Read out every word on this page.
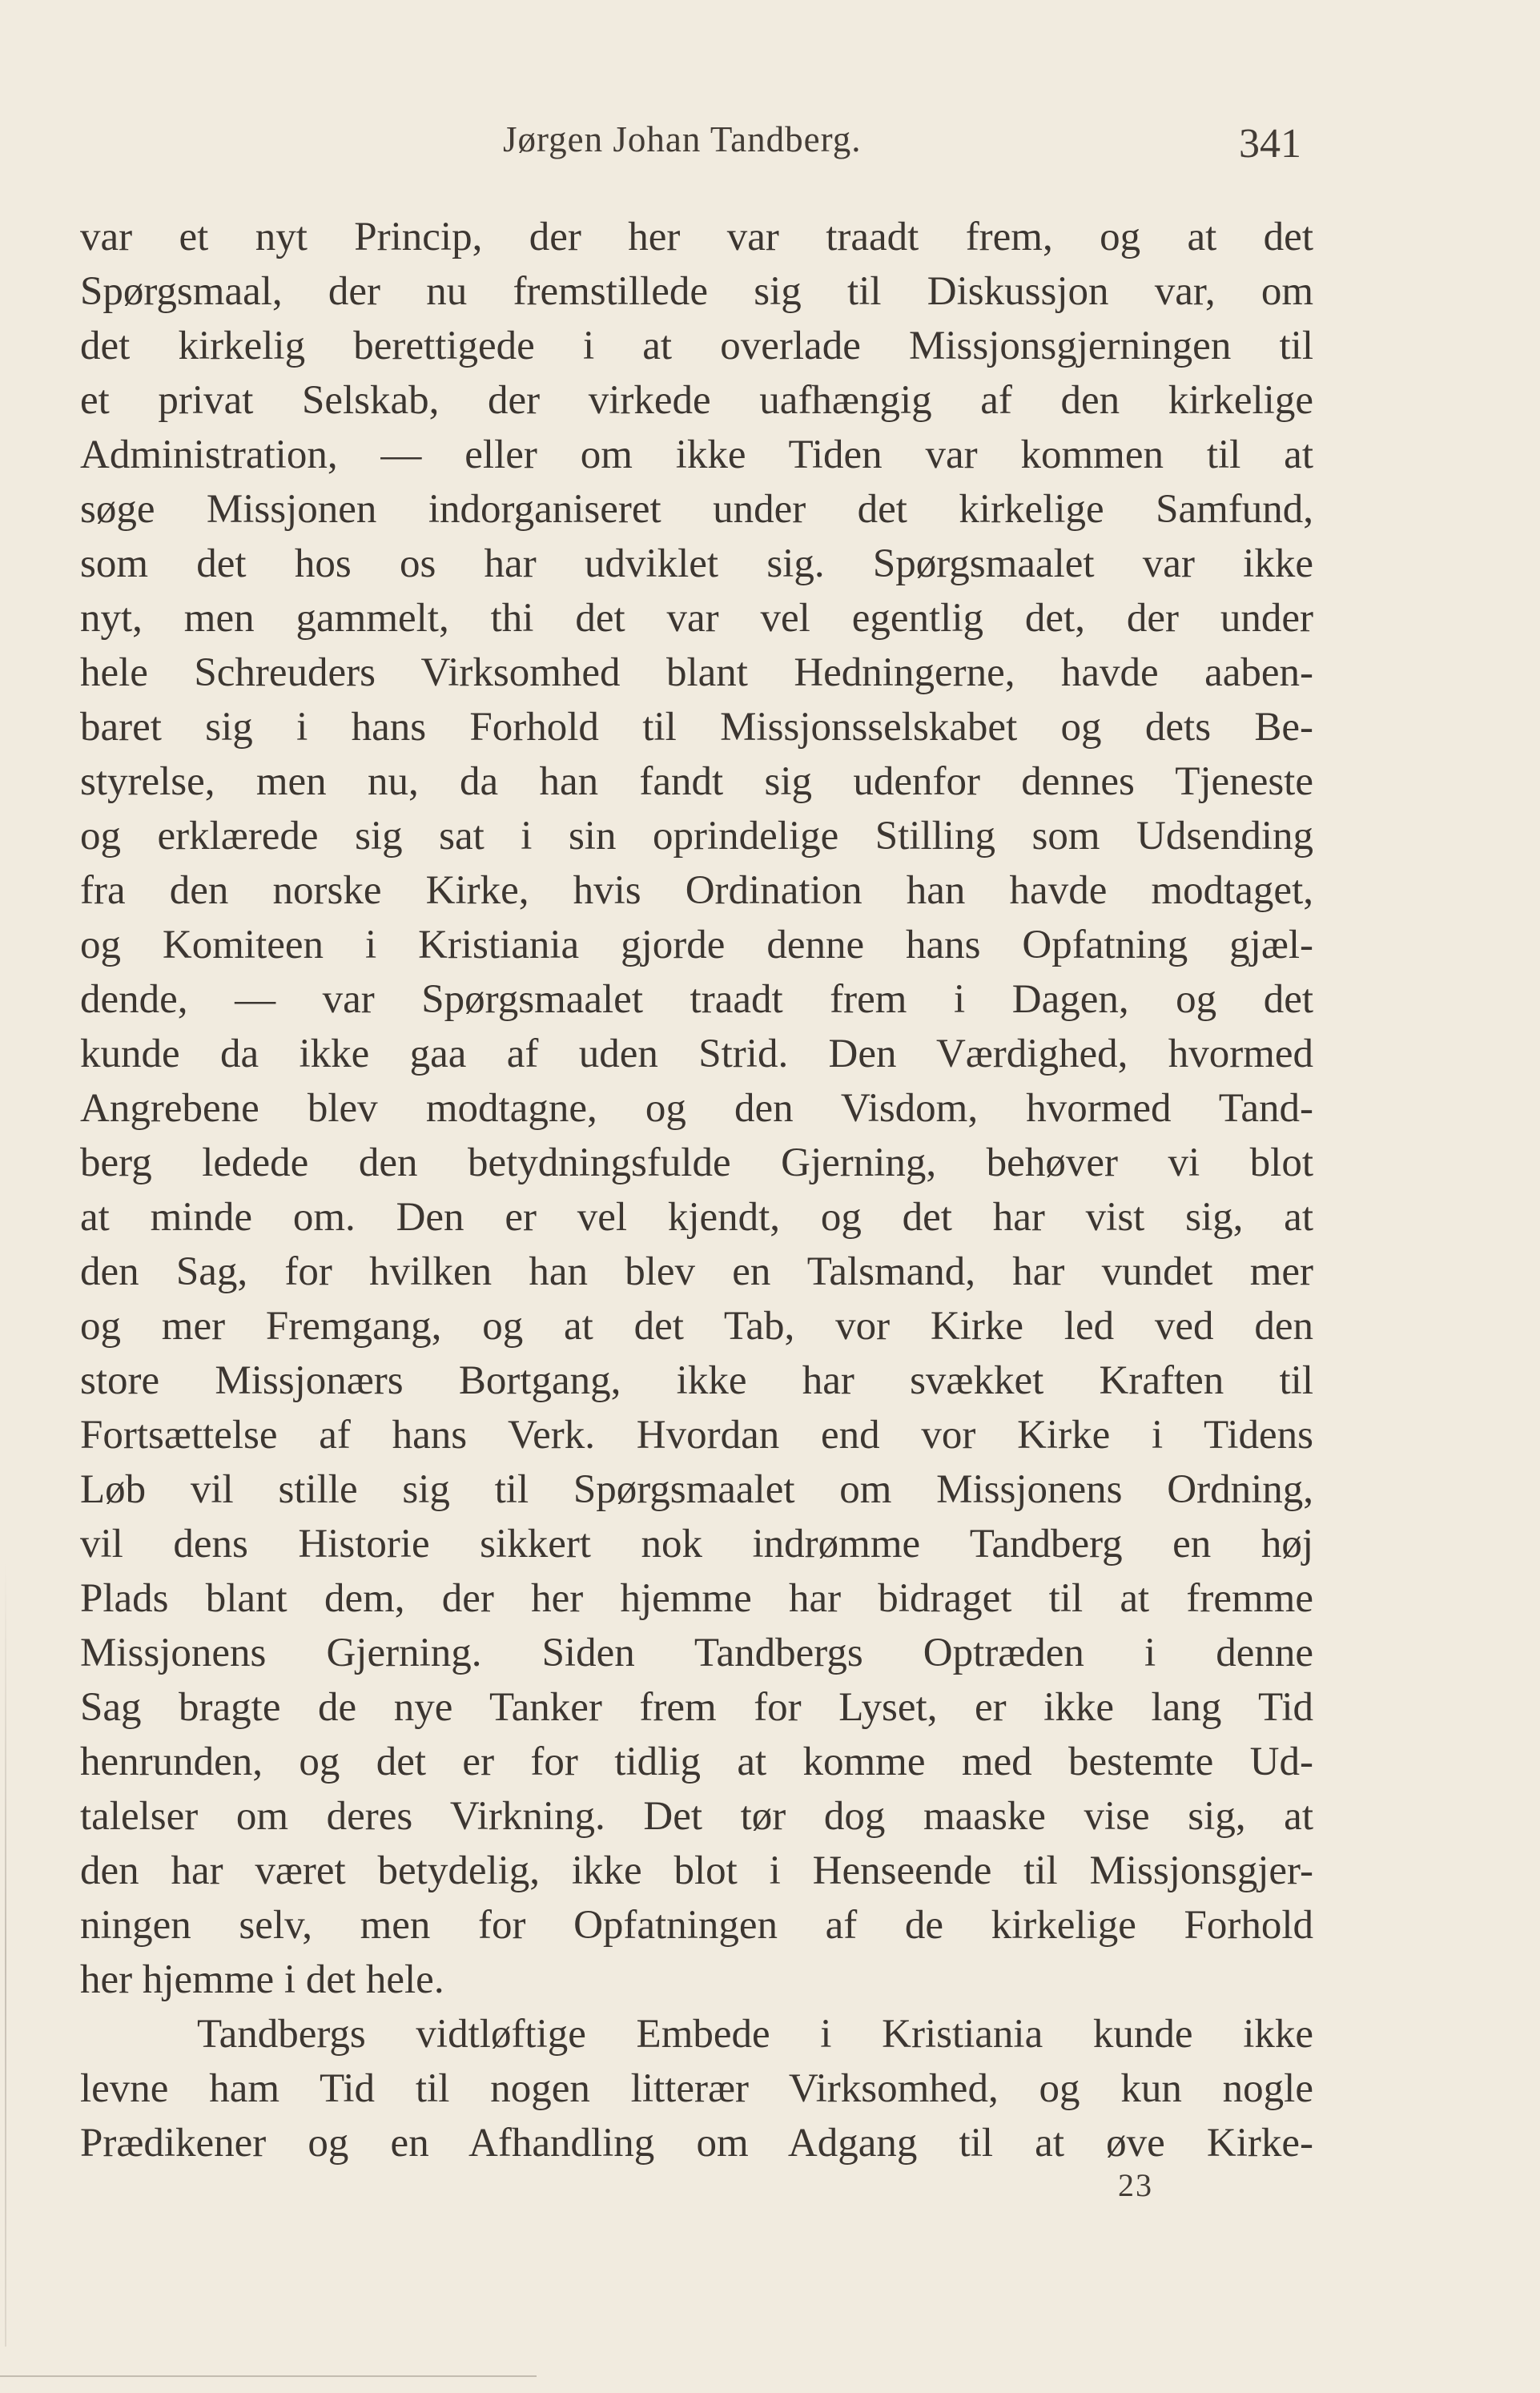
Jørgen Johan Tandberg.	341
var et nyt Princip, der her var traadt frem, og at det
Spørgsmaal, der nu fremstillede sig til Diskussjon var, om
det kirkelig berettigede i at overlade Missjonsgjerningen til
et privat Selskab, der virkede uafhængig af den kirkelige
Administration, — eller om ikke Tiden var kommen til at
søge Missjonen indorganiseret under det kirkelige Samfund,
som det hos os har udviklet sig. Spørgsmaalet var ikke
nyt, men gammelt, thi det var vel egentlig det, der under
hele Schreuders Virksomhed blant Hedningerne, havde aaben-
baret sig i hans Forhold til Missjonsselskabet og dets Be-
styrelse, men nu, da han fandt sig udenfor dennes Tjeneste
og erklærede sig sat i sin oprindelige Stilling som Udsending
fra den norske Kirke, hvis Ordination han havde modtaget,
og Komiteen i Kristiania gjorde denne hans Opfatning gjæl-
dende, — var Spørgsmaalet traadt frem i Dagen, og det
kunde da ikke gaa af uden Strid. Den Værdighed, hvormed
Angrebene blev modtagne, og den Visdom, hvormed Tand-
berg ledede den betydningsfulde Gjerning, behøver vi blot
at minde om. Den er vel kjendt, og det har vist sig, at
den Sag, for hvilken han blev en Talsmand, har vundet mer
og mer Fremgang, og at det Tab, vor Kirke led ved den
store Missjonærs Bortgang, ikke har svækket Kraften til
Fortsættelse af hans Verk. Hvordan end vor Kirke i Tidens
Løb vil stille sig til Spørgsmaalet om Missjonens Ordning,
vil dens Historie sikkert nok indrømme Tandberg en høj
Plads blant dem, der her hjemme har bidraget til at fremme
Missjonens Gjerning. Siden Tandbergs Optræden i denne
Sag bragte de nye Tanker frem for Lyset, er ikke lang Tid
henrunden, og det er for tidlig at komme med bestemte Ud-
talelser om deres Virkning. Det tør dog maaske vise sig, at
den har været betydelig, ikke blot i Henseende til Missjonsgjer-
ningen selv, men for Opfatningen af de kirkelige Forhold
her hjemme i det hele.
Tandbergs vidtløftige Embede i Kristiania kunde ikke
levne ham Tid til nogen litterær Virksomhed, og kun nogle
Prædikener og en Afhandling om Adgang til at øve Kirke-
23
